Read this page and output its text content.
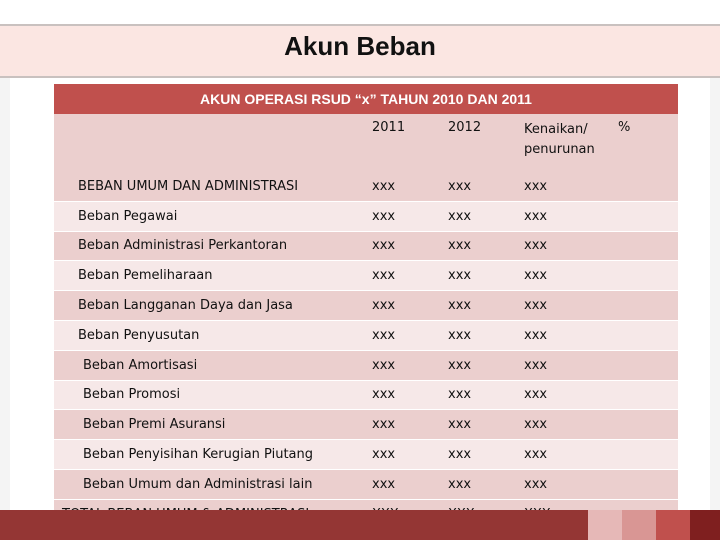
Akun Beban
AKUN OPERASI RSUD “x” TAHUN 2010 DAN 2011
	2011	2012	Kenaikan/ penurunan	%
BEBAN UMUM DAN ADMINISTRASI	xxx	xxx	xxx	
Beban Pegawai	xxx	xxx	xxx	
Beban Administrasi Perkantoran	xxx	xxx	xxx	
Beban Pemeliharaan	xxx	xxx	xxx	
Beban Langganan Daya dan Jasa	xxx	xxx	xxx	
Beban Penyusutan	xxx	xxx	xxx	
Beban Amortisasi	xxx	xxx	xxx	
Beban Promosi	xxx	xxx	xxx	
Beban Premi Asuransi	xxx	xxx	xxx	
Beban Penyisihan Kerugian Piutang	xxx	xxx	xxx	
Beban Umum dan Administrasi lain	xxx	xxx	xxx	
